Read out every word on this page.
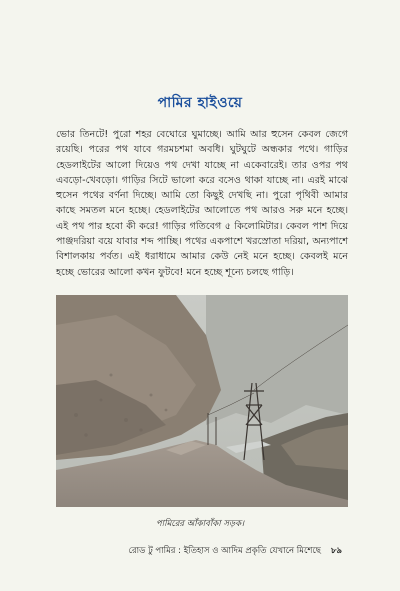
পামির হাইওয়ে

ভোর তিনটে! পুরো শহর বেঘোরে ঘুমাচ্ছে। আমি আর হুসেন কেবল জেগে রয়েছি। পরের পথ যাবে গরমচশমা অবধি। ঘুটঘুটে অন্ধকার পথে। গাড়ির হেডলাইটের আলো দিয়েও পথ দেখা যাচ্ছে না একেবারেই। তার ওপর পথ এবড়ো-খেবড়ো। গাড়ির সিটে ভালো করে বসেও থাকা যাচ্ছে না। এরই মাঝে হুসেন পথের বর্ণনা দিচ্ছে। আমি তো কিছুই দেখছি না। পুরো পৃথিবী আমার কাছে সমতল মনে হচ্ছে। হেডলাইটের আলোতে পথ আরও সরু মনে হচ্ছে। এই পথ পার হবো কী করে! গাড়ির গতিবেগ ৫ কিলোমিটার। কেবল পাশ দিয়ে পাঞ্জদরিয়া বয়ে যাবার শব্দ পাচ্ছি। পথের একপাশে খরস্রোতা দরিয়া, অন্যপাশে বিশালকায় পর্বত। এই ধরাধামে আমার কেউ নেই মনে হচ্ছে। কেবলই মনে হচ্ছে ভোরের আলো কখন ফুটবে! মনে হচ্ছে শূন্যে চলছে গাড়ি।

পামিরের আঁকাবাঁকা সড়ক।
রোড টু পামির : ইতিহাস ও আদিম প্রকৃতি যেখানে মিশেছে ৮৯
